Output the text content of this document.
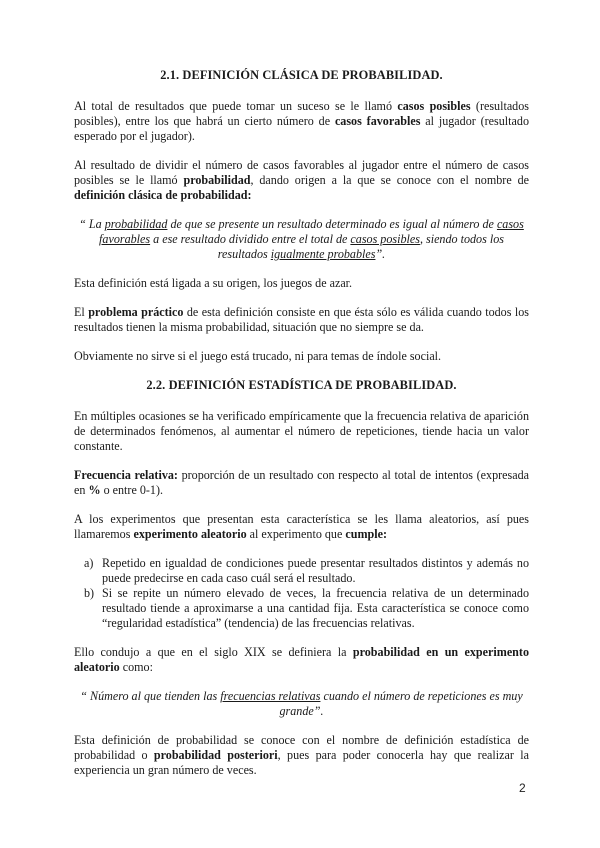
2.1. DEFINICIÓN CLÁSICA DE PROBABILIDAD.

Al total de resultados que puede tomar un suceso se le llamó casos posibles (resultados posibles), entre los que habrá un cierto número de casos favorables al jugador (resultado esperado por el jugador).

Al resultado de dividir el número de casos favorables al jugador entre el número de casos posibles se le llamó probabilidad, dando origen a la que se conoce con el nombre de definición clásica de probabilidad:

“ La probabilidad de que se presente un resultado determinado es igual al número de casos favorables a ese resultado dividido entre el total de casos posibles, siendo todos los resultados igualmente probables”.

Esta definición está ligada a su origen, los juegos de azar.

El problema práctico de esta definición consiste en que ésta sólo es válida cuando todos los resultados tienen la misma probabilidad, situación que no siempre se da.

Obviamente no sirve si el juego está trucado, ni para temas de índole social.

2.2. DEFINICIÓN ESTADÍSTICA DE PROBABILIDAD.

En múltiples ocasiones se ha verificado empíricamente que la frecuencia relativa de aparición de determinados fenómenos, al aumentar el número de repeticiones, tiende hacia un valor constante.

Frecuencia relativa: proporción de un resultado con respecto al total de intentos (expresada en % o entre 0-1).

A los experimentos que presentan esta característica se les llama aleatorios, así pues llamaremos experimento aleatorio al experimento que cumple:

a) Repetido en igualdad de condiciones puede presentar resultados distintos y además no puede predecirse en cada caso cuál será el resultado.
b) Si se repite un número elevado de veces, la frecuencia relativa de un determinado resultado tiende a aproximarse a una cantidad fija. Esta característica se conoce como “regularidad estadística” (tendencia) de las frecuencias relativas.

Ello condujo a que en el siglo XIX se definiera la probabilidad en un experimento aleatorio como:

“ Número al que tienden las frecuencias relativas cuando el número de repeticiones es muy grande”.

Esta definición de probabilidad se conoce con el nombre de definición estadística de probabilidad o probabilidad posteriori, pues para poder conocerla hay que realizar la experiencia un gran número de veces.

2
